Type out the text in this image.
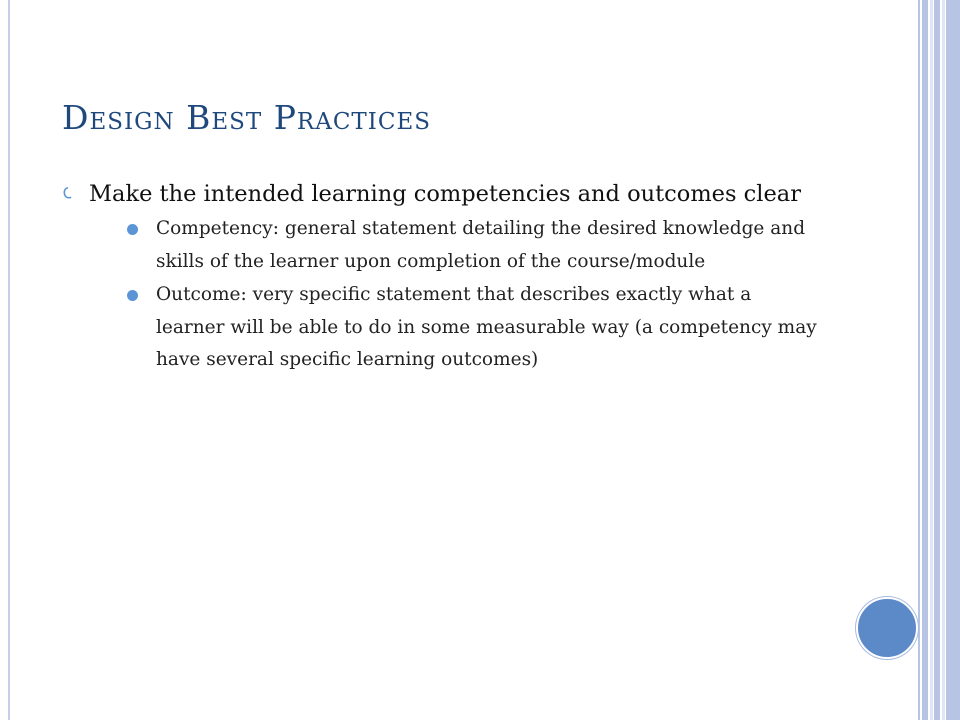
Design Best Practices
Make the intended learning competencies and outcomes clear
Competency: general statement detailing the desired knowledge and skills of the learner upon completion of the course/module
Outcome: very specific statement that describes exactly what a learner will be able to do in some measurable way (a competency may have several specific learning outcomes)
